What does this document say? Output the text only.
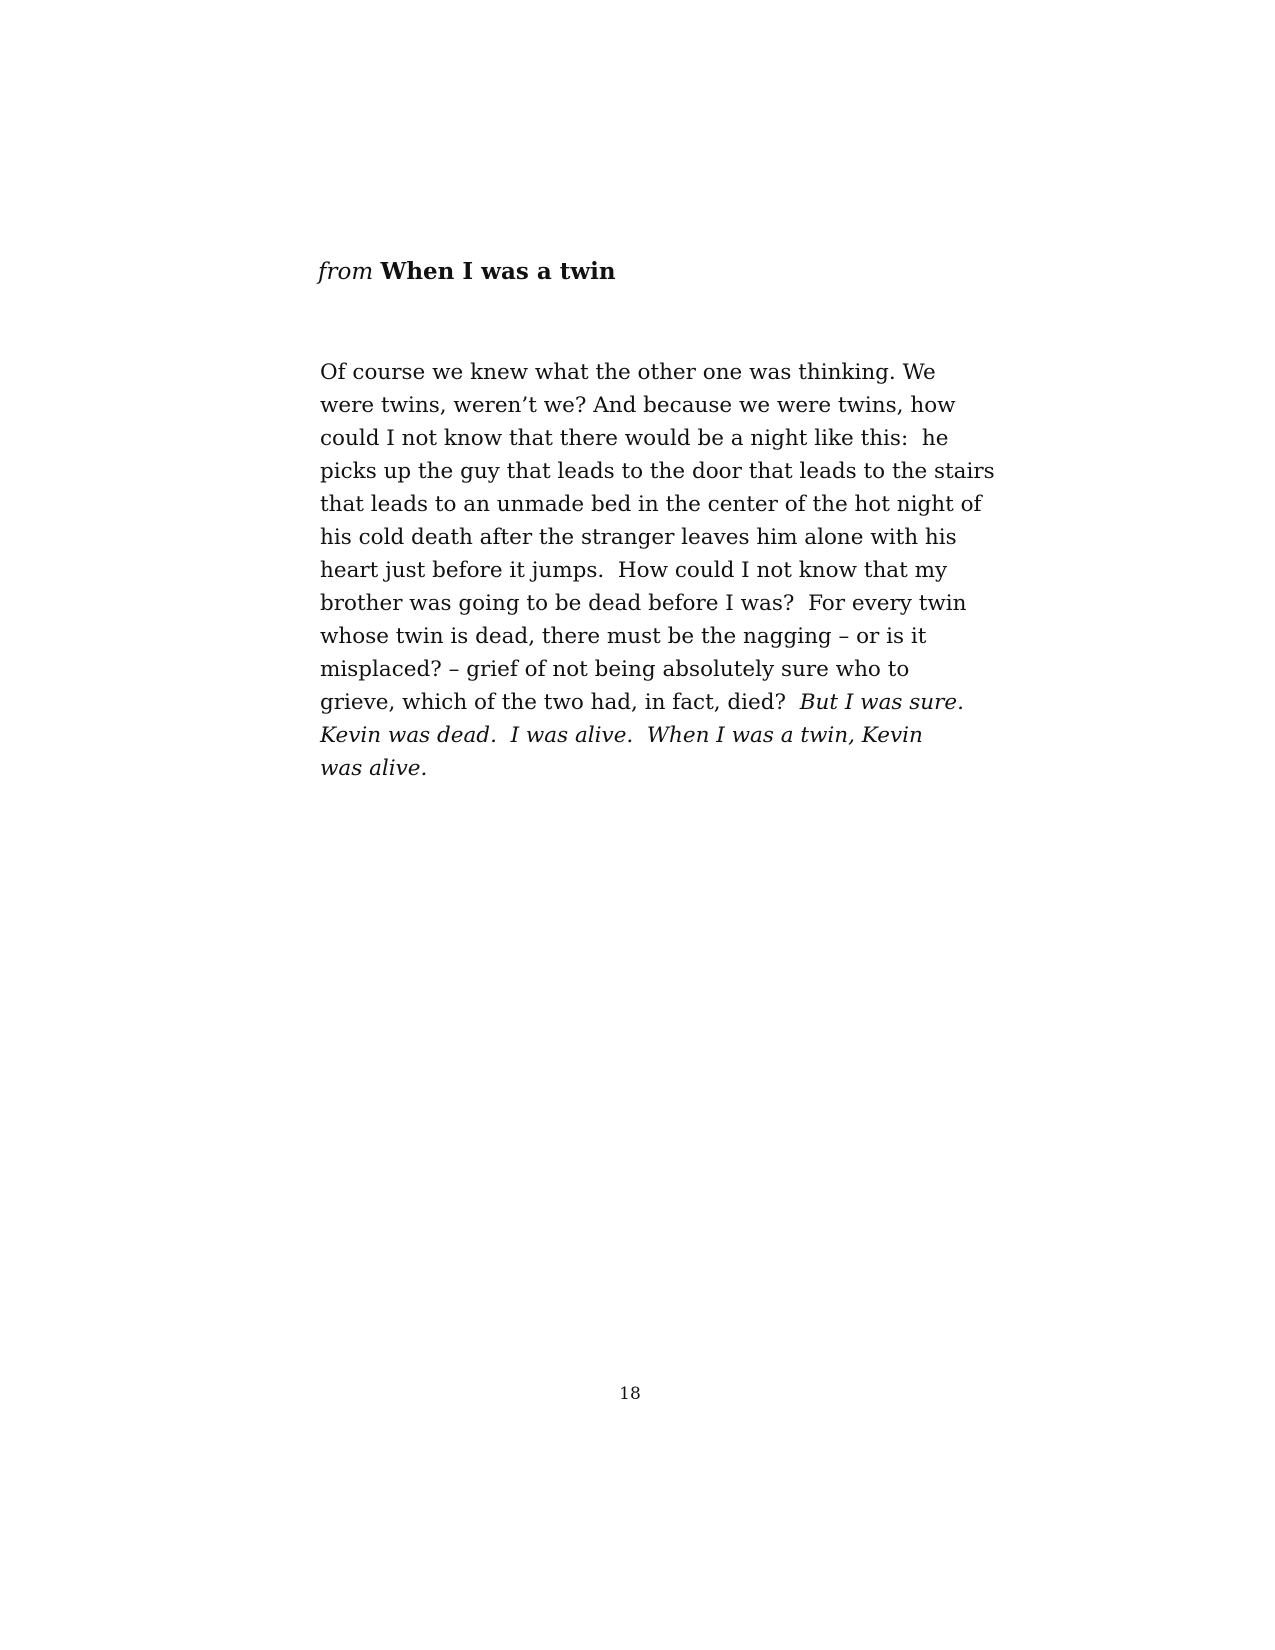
from When I was a twin
Of course we knew what the other one was thinking. We
were twins, weren’t we? And because we were twins, how
could I not know that there would be a night like this:  he
picks up the guy that leads to the door that leads to the stairs
that leads to an unmade bed in the center of the hot night of
his cold death after the stranger leaves him alone with his
heart just before it jumps.  How could I not know that my
brother was going to be dead before I was?  For every twin
whose twin is dead, there must be the nagging – or is it
misplaced? – grief of not being absolutely sure who to
grieve, which of the two had, in fact, died?  But I was sure.
Kevin was dead.  I was alive.  When I was a twin, Kevin
was alive.
18
